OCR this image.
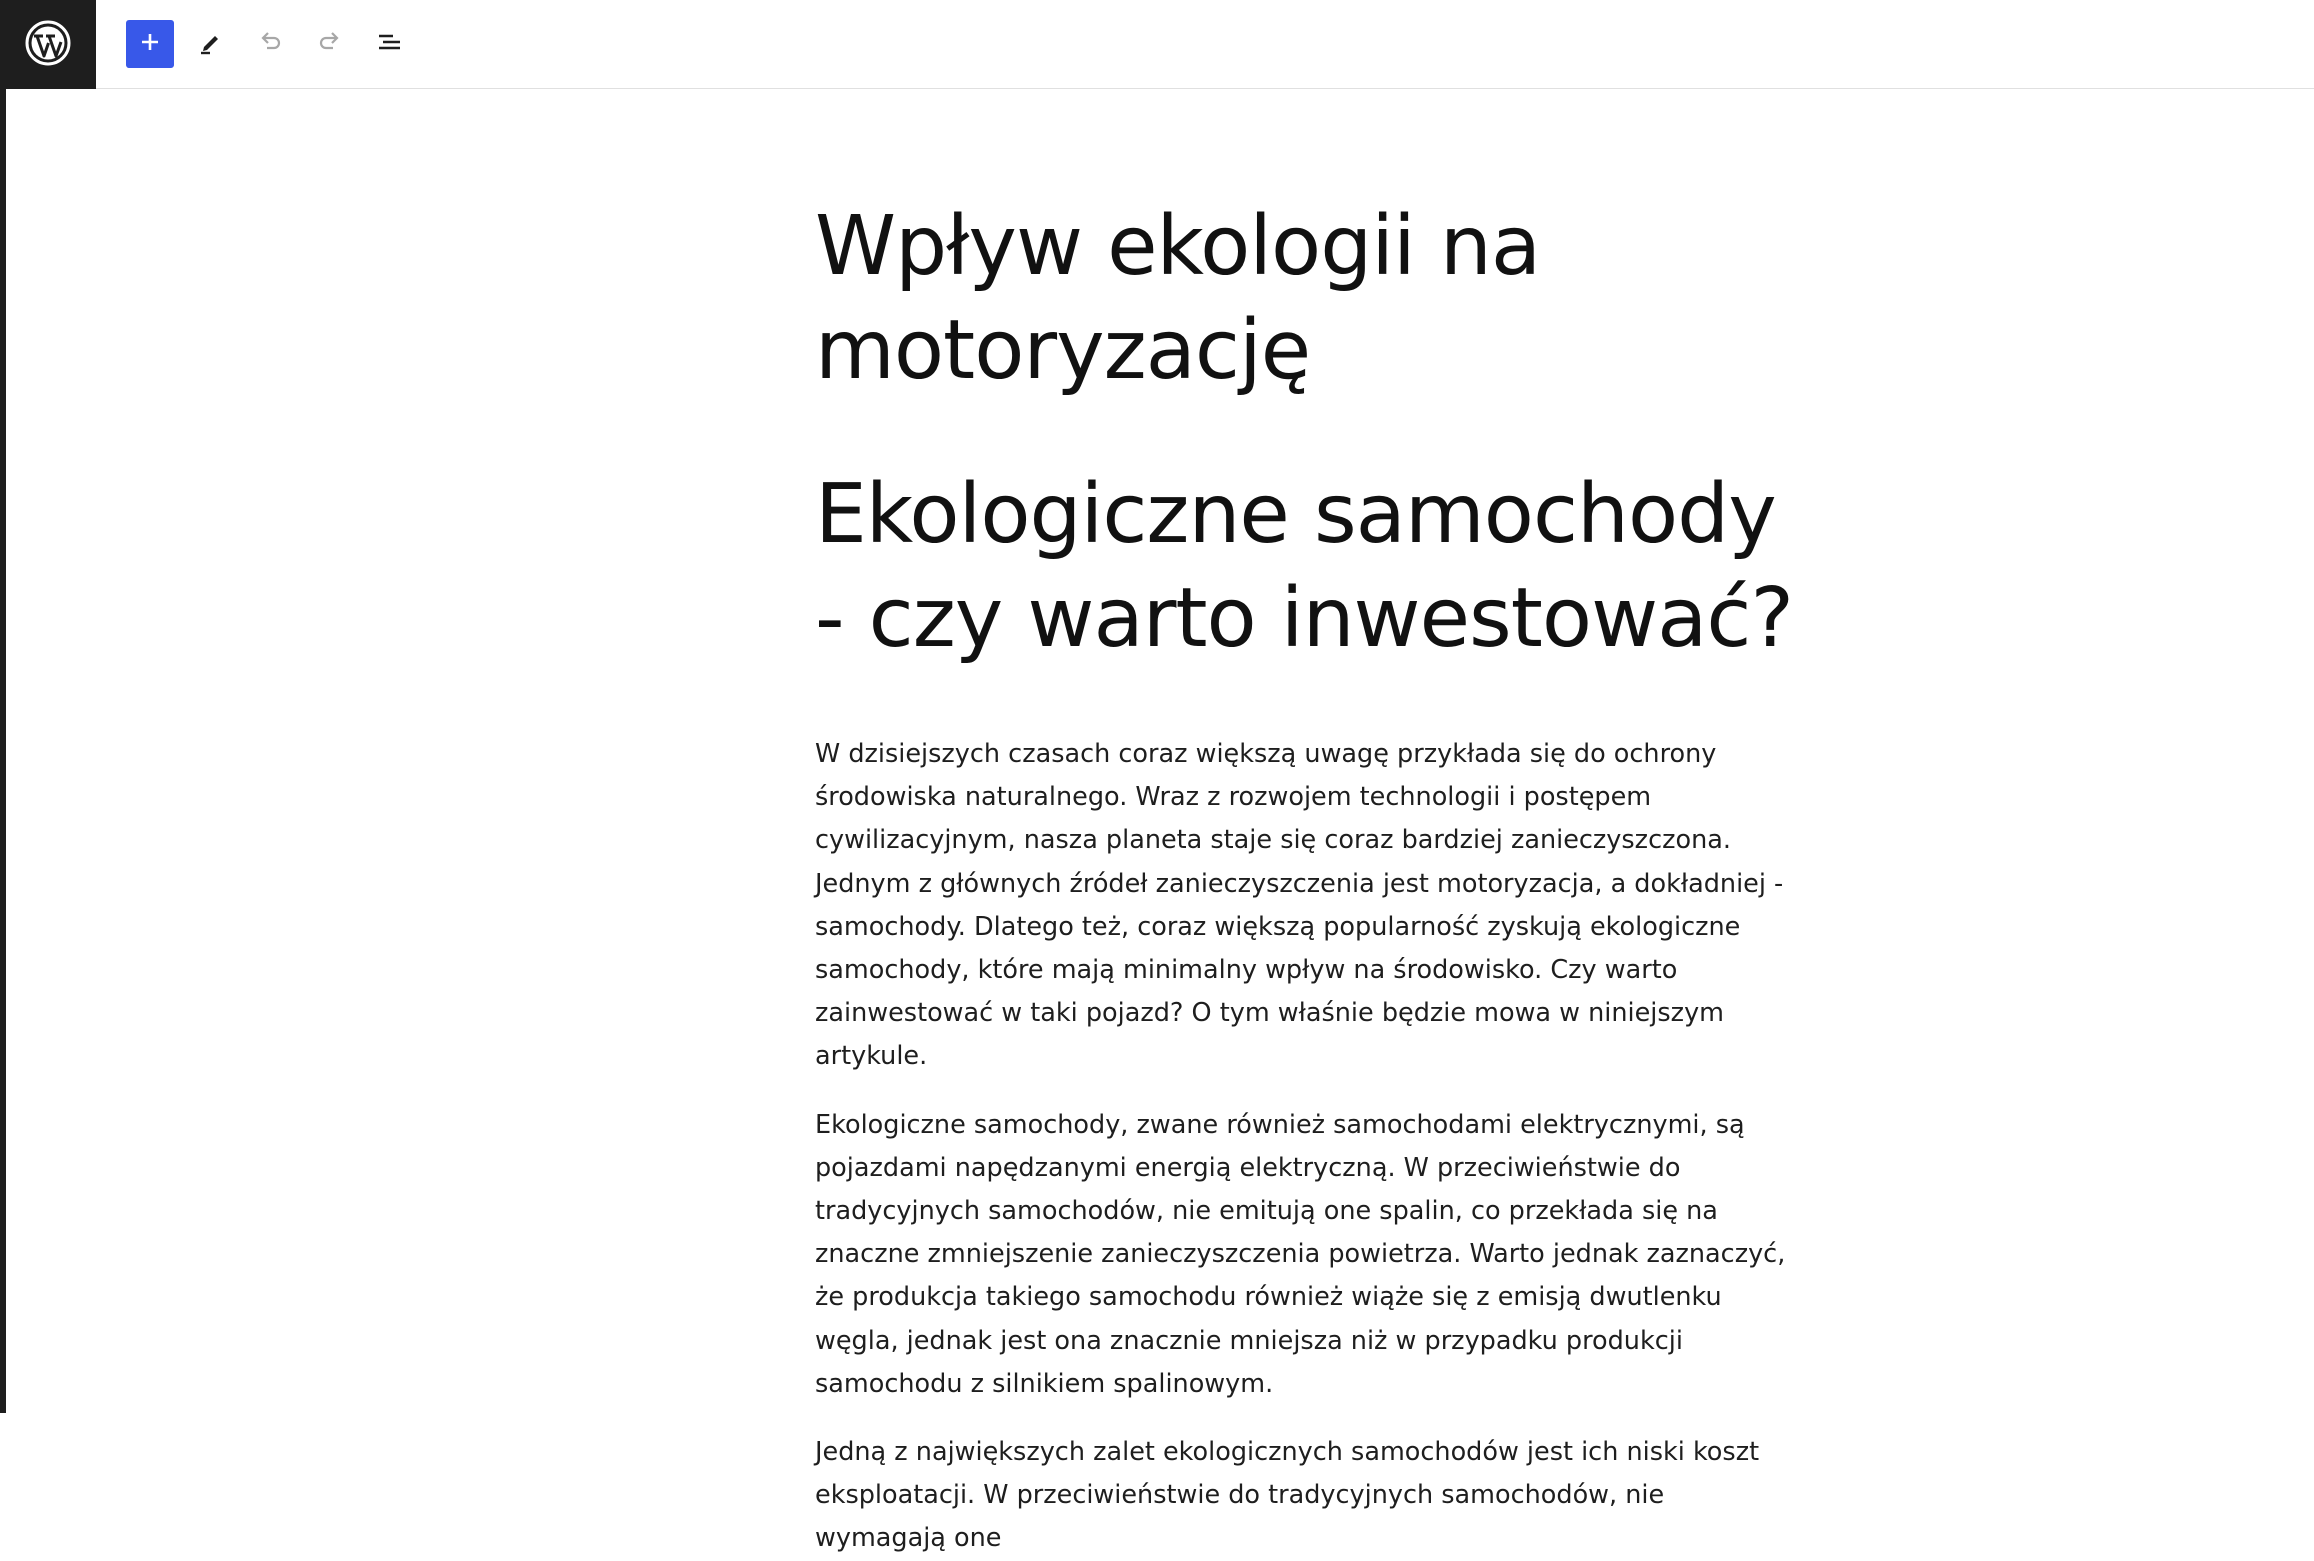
Wpływ ekologii na motoryzację
Ekologiczne samochody - czy warto inwestować?

W dzisiejszych czasach coraz większą uwagę przykłada się do ochrony środowiska naturalnego. Wraz z rozwojem technologii i postępem cywilizacyjnym, nasza planeta staje się coraz bardziej zanieczyszczona. Jednym z głównych źródeł zanieczyszczenia jest motoryzacja, a dokładniej - samochody. Dlatego też, coraz większą popularność zyskują ekologiczne samochody, które mają minimalny wpływ na środowisko. Czy warto zainwestować w taki pojazd? O tym właśnie będzie mowa w niniejszym artykule.

Ekologiczne samochody, zwane również samochodami elektrycznymi, są pojazdami napędzanymi energią elektryczną. W przeciwieństwie do tradycyjnych samochodów, nie emitują one spalin, co przekłada się na znaczne zmniejszenie zanieczyszczenia powietrza. Warto jednak zaznaczyć, że produkcja takiego samochodu również wiąże się z emisją dwutlenku węgla, jednak jest ona znacznie mniejsza niż w przypadku produkcji samochodu z silnikiem spalinowym.

Jedną z największych zalet ekologicznych samochodów jest ich niski koszt eksploatacji. W przeciwieństwie do tradycyjnych samochodów, nie wymagają one
